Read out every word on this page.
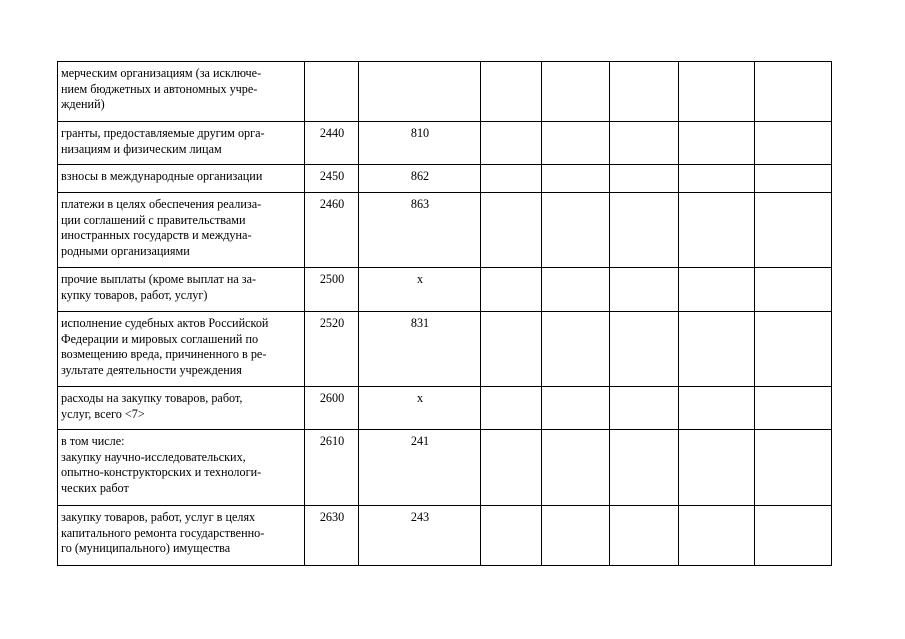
мерческим организациям (за исключе-
нием бюджетных и автономных учре-
ждений)								
гранты, предоставляемые другим орга-
низациям и физическим лицам	2440	810						
взносы в международные организации	2450	862						
платежи в целях обеспечения реализа-
ции соглашений с правительствами
иностранных государств и междуна-
родными организациями	2460	863						
прочие выплаты (кроме выплат на за-
купку товаров, работ, услуг)	2500	x						
исполнение судебных актов Российской
Федерации и мировых соглашений по
возмещению вреда, причиненного в ре-
зультате деятельности учреждения	2520	831						
расходы на закупку товаров, работ,
услуг, всего <7>	2600	x						
в том числе:
закупку научно-исследовательских,
опытно-конструкторских и технологи-
ческих работ	2610	241						
закупку товаров, работ, услуг в целях
капитального ремонта государственно-
го (муниципального) имущества	2630	243						
